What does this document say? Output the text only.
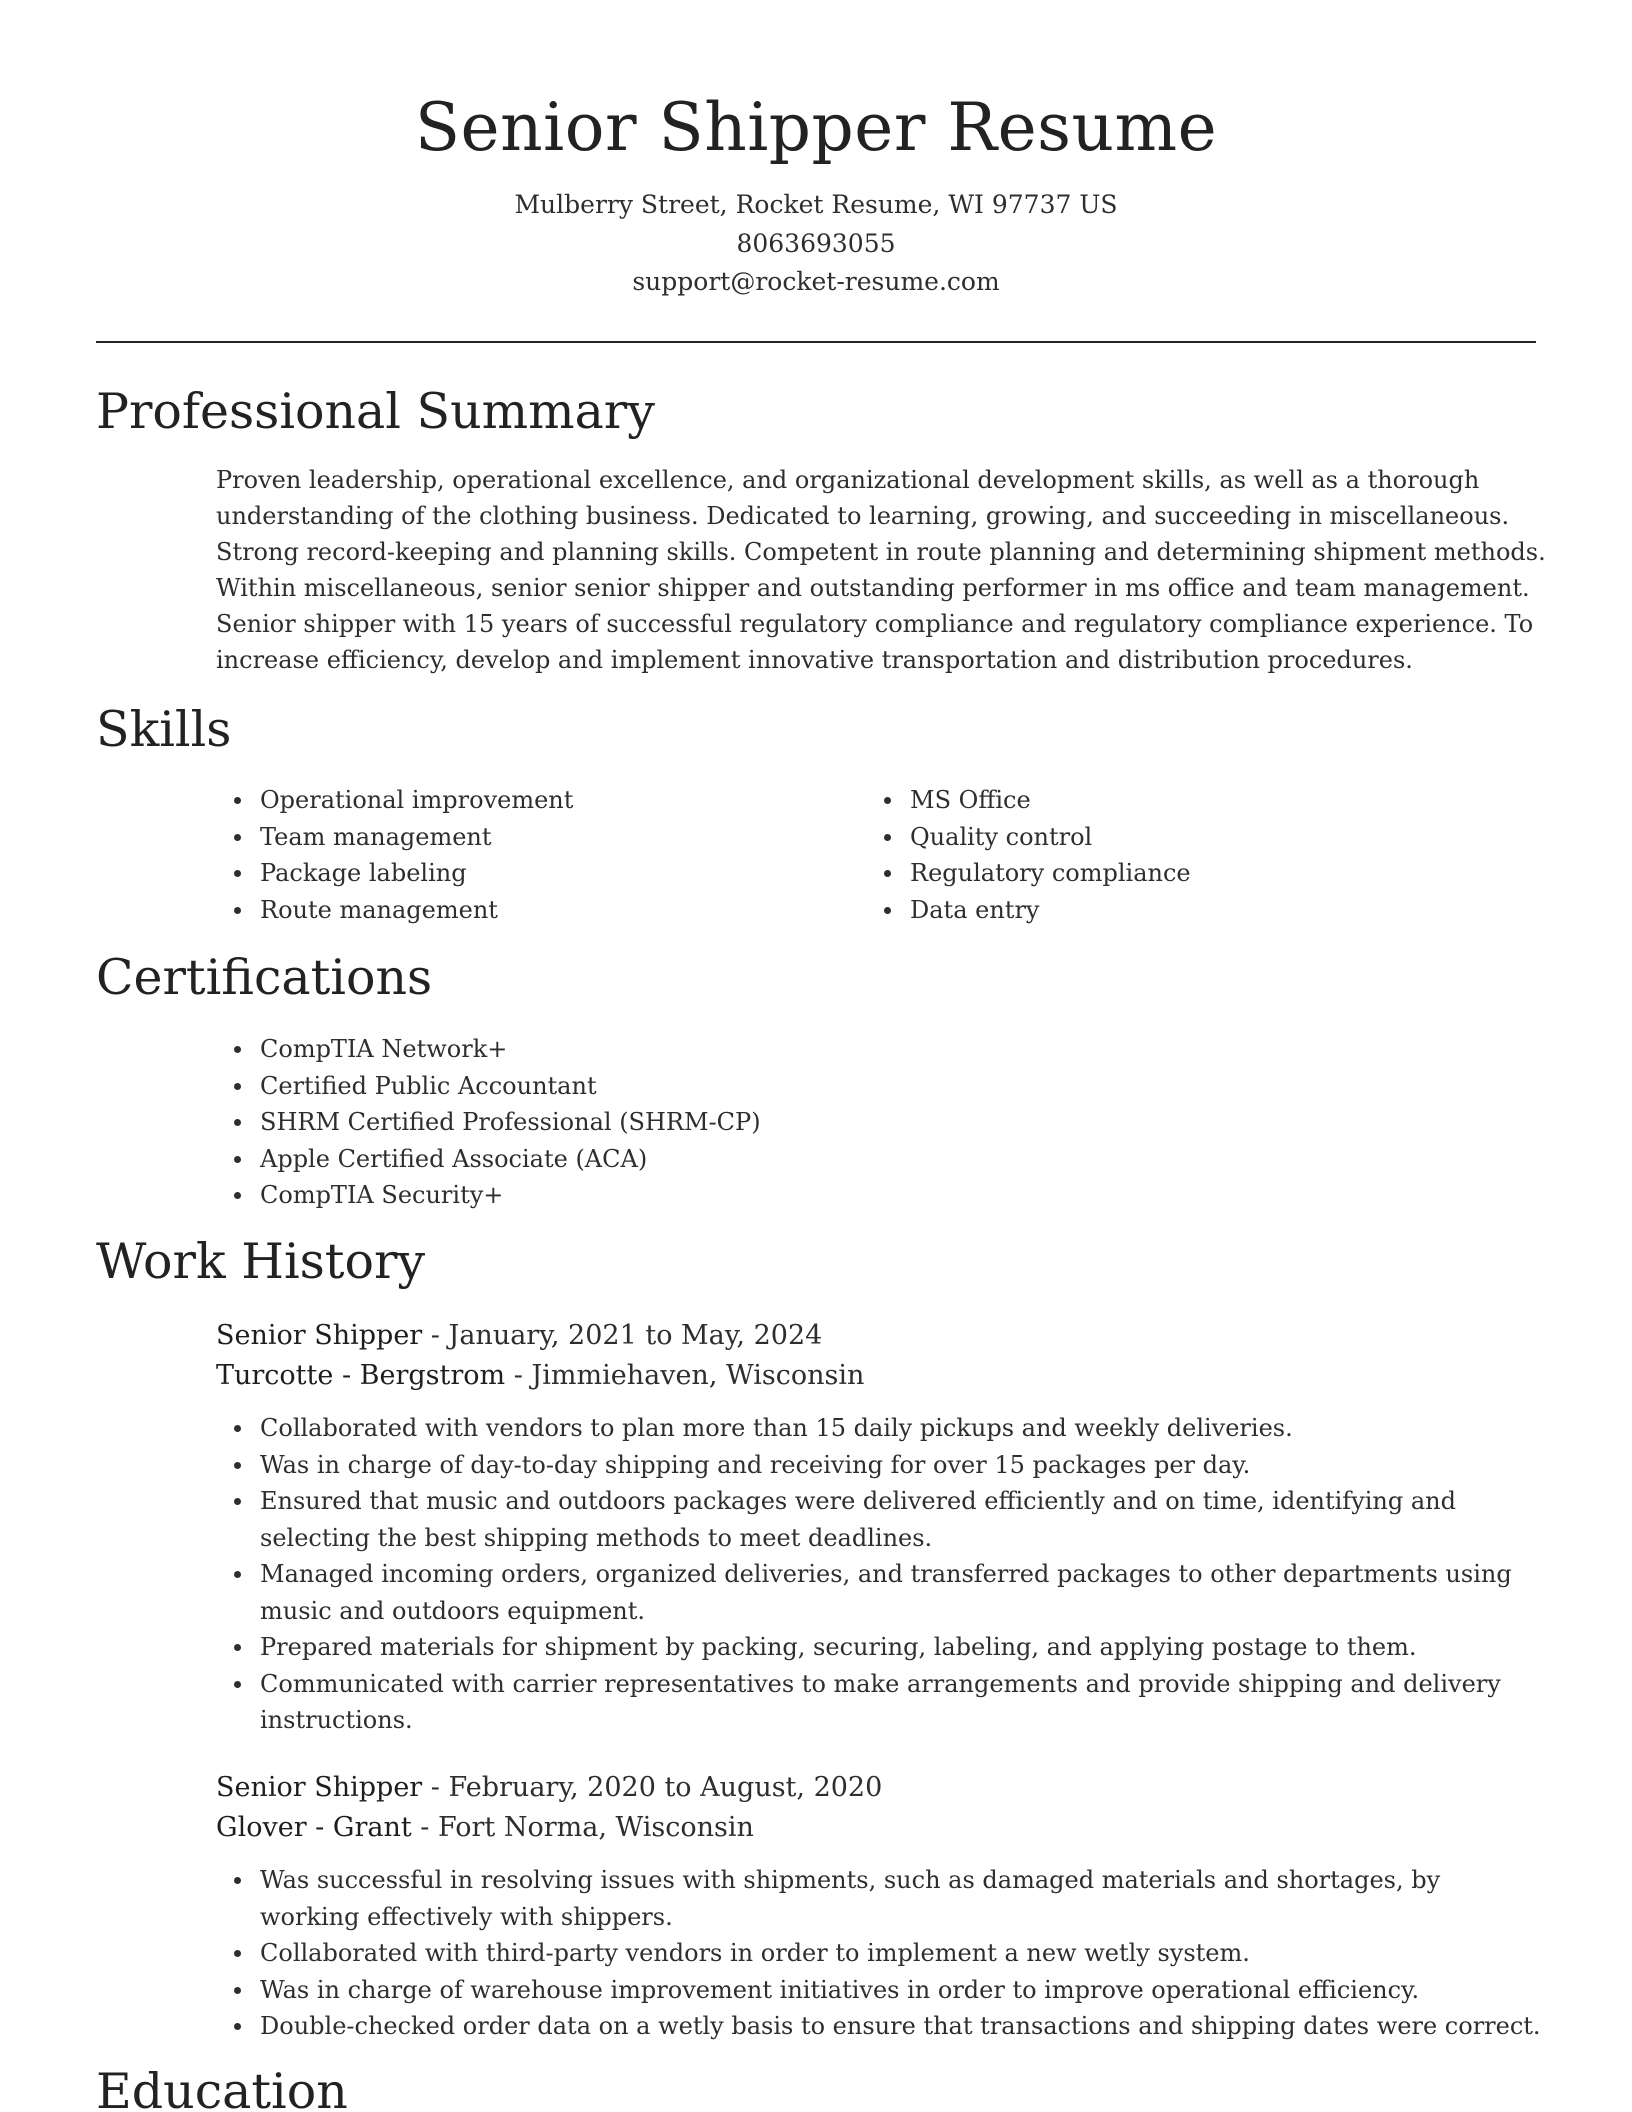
Senior Shipper Resume
Mulberry Street, Rocket Resume, WI 97737 US
8063693055
support@rocket-resume.com
Professional Summary

Proven leadership, operational excellence, and organizational development skills, as well as a thorough understanding of the clothing business. Dedicated to learning, growing, and succeeding in miscellaneous. Strong record-keeping and planning skills. Competent in route planning and determining shipment methods. Within miscellaneous, senior senior shipper and outstanding performer in ms office and team management. Senior shipper with 15 years of successful regulatory compliance and regulatory compliance experience. To increase efficiency, develop and implement innovative transportation and distribution procedures.

Skills
Operational improvement
Team management
Package labeling
Route management
MS Office
Quality control
Regulatory compliance
Data entry
Certifications
CompTIA Network+
Certified Public Accountant
SHRM Certified Professional (SHRM-CP)
Apple Certified Associate (ACA)
CompTIA Security+
Work History
Senior Shipper - January, 2021 to May, 2024
Turcotte - Bergstrom - Jimmiehaven, Wisconsin
Collaborated with vendors to plan more than 15 daily pickups and weekly deliveries.
Was in charge of day-to-day shipping and receiving for over 15 packages per day.
Ensured that music and outdoors packages were delivered efficiently and on time, identifying and selecting the best shipping methods to meet deadlines.
Managed incoming orders, organized deliveries, and transferred packages to other departments using music and outdoors equipment.
Prepared materials for shipment by packing, securing, labeling, and applying postage to them.
Communicated with carrier representatives to make arrangements and provide shipping and delivery instructions.
Senior Shipper - February, 2020 to August, 2020
Glover - Grant - Fort Norma, Wisconsin
Was successful in resolving issues with shipments, such as damaged materials and shortages, by working effectively with shippers.
Collaborated with third-party vendors in order to implement a new wetly system.
Was in charge of warehouse improvement initiatives in order to improve operational efficiency.
Double-checked order data on a wetly basis to ensure that transactions and shipping dates were correct.
Education
